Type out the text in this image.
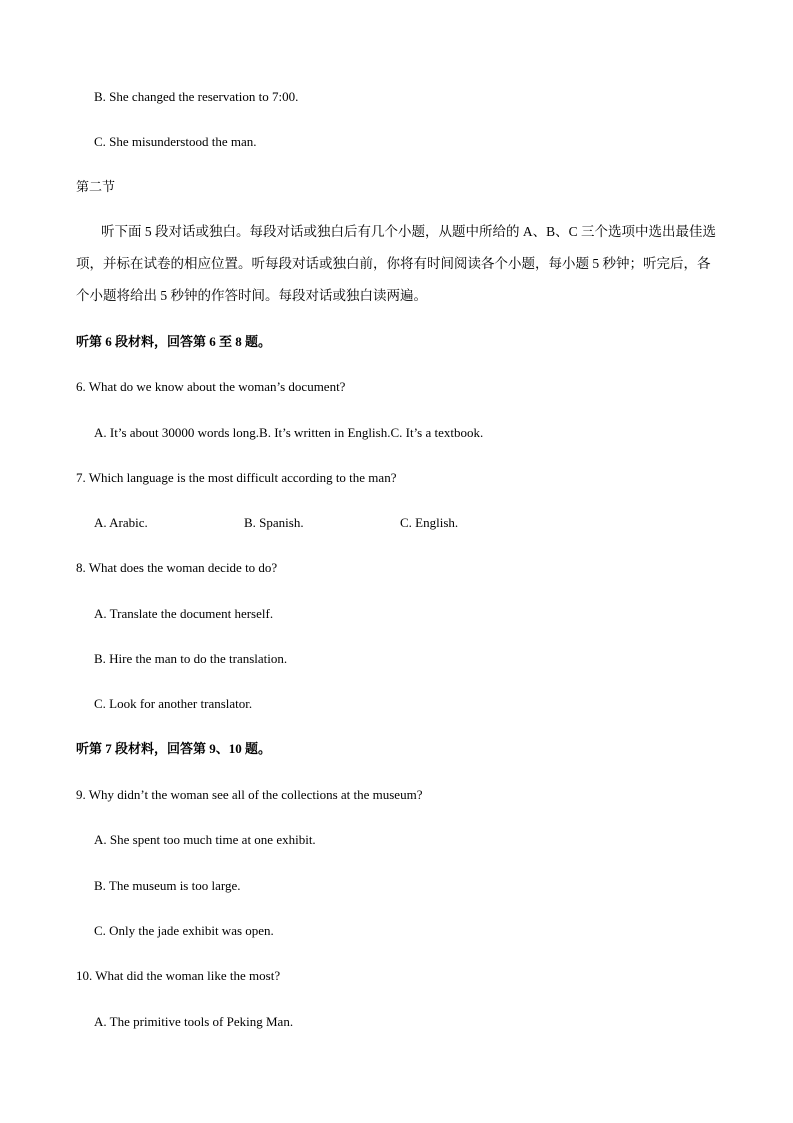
B. She changed the reservation to 7:00.
C. She misunderstood the man.
第二节
听下面 5 段对话或独白。每段对话或独白后有几个小题，从题中所给的 A、B、C 三个选项中选出最佳选项，并标在试卷的相应位置。听每段对话或独白前，你将有时间阅读各个小题，每小题 5 秒钟；听完后，各个小题将给出 5 秒钟的作答时间。每段对话或独白读两遍。
听第 6 段材料，回答第 6 至 8 题。
6. What do we know about the woman’s document?
A. It’s about 30000 words long.B. It’s written in English.C. It’s a textbook.
7. Which language is the most difficult according to the man?
A. Arabic.	B. Spanish.	C. English.
8. What does the woman decide to do?
A. Translate the document herself.
B. Hire the man to do the translation.
C. Look for another translator.
听第 7 段材料，回答第 9、10 题。
9. Why didn’t the woman see all of the collections at the museum?
A. She spent too much time at one exhibit.
B. The museum is too large.
C. Only the jade exhibit was open.
10. What did the woman like the most?
A. The primitive tools of Peking Man.
